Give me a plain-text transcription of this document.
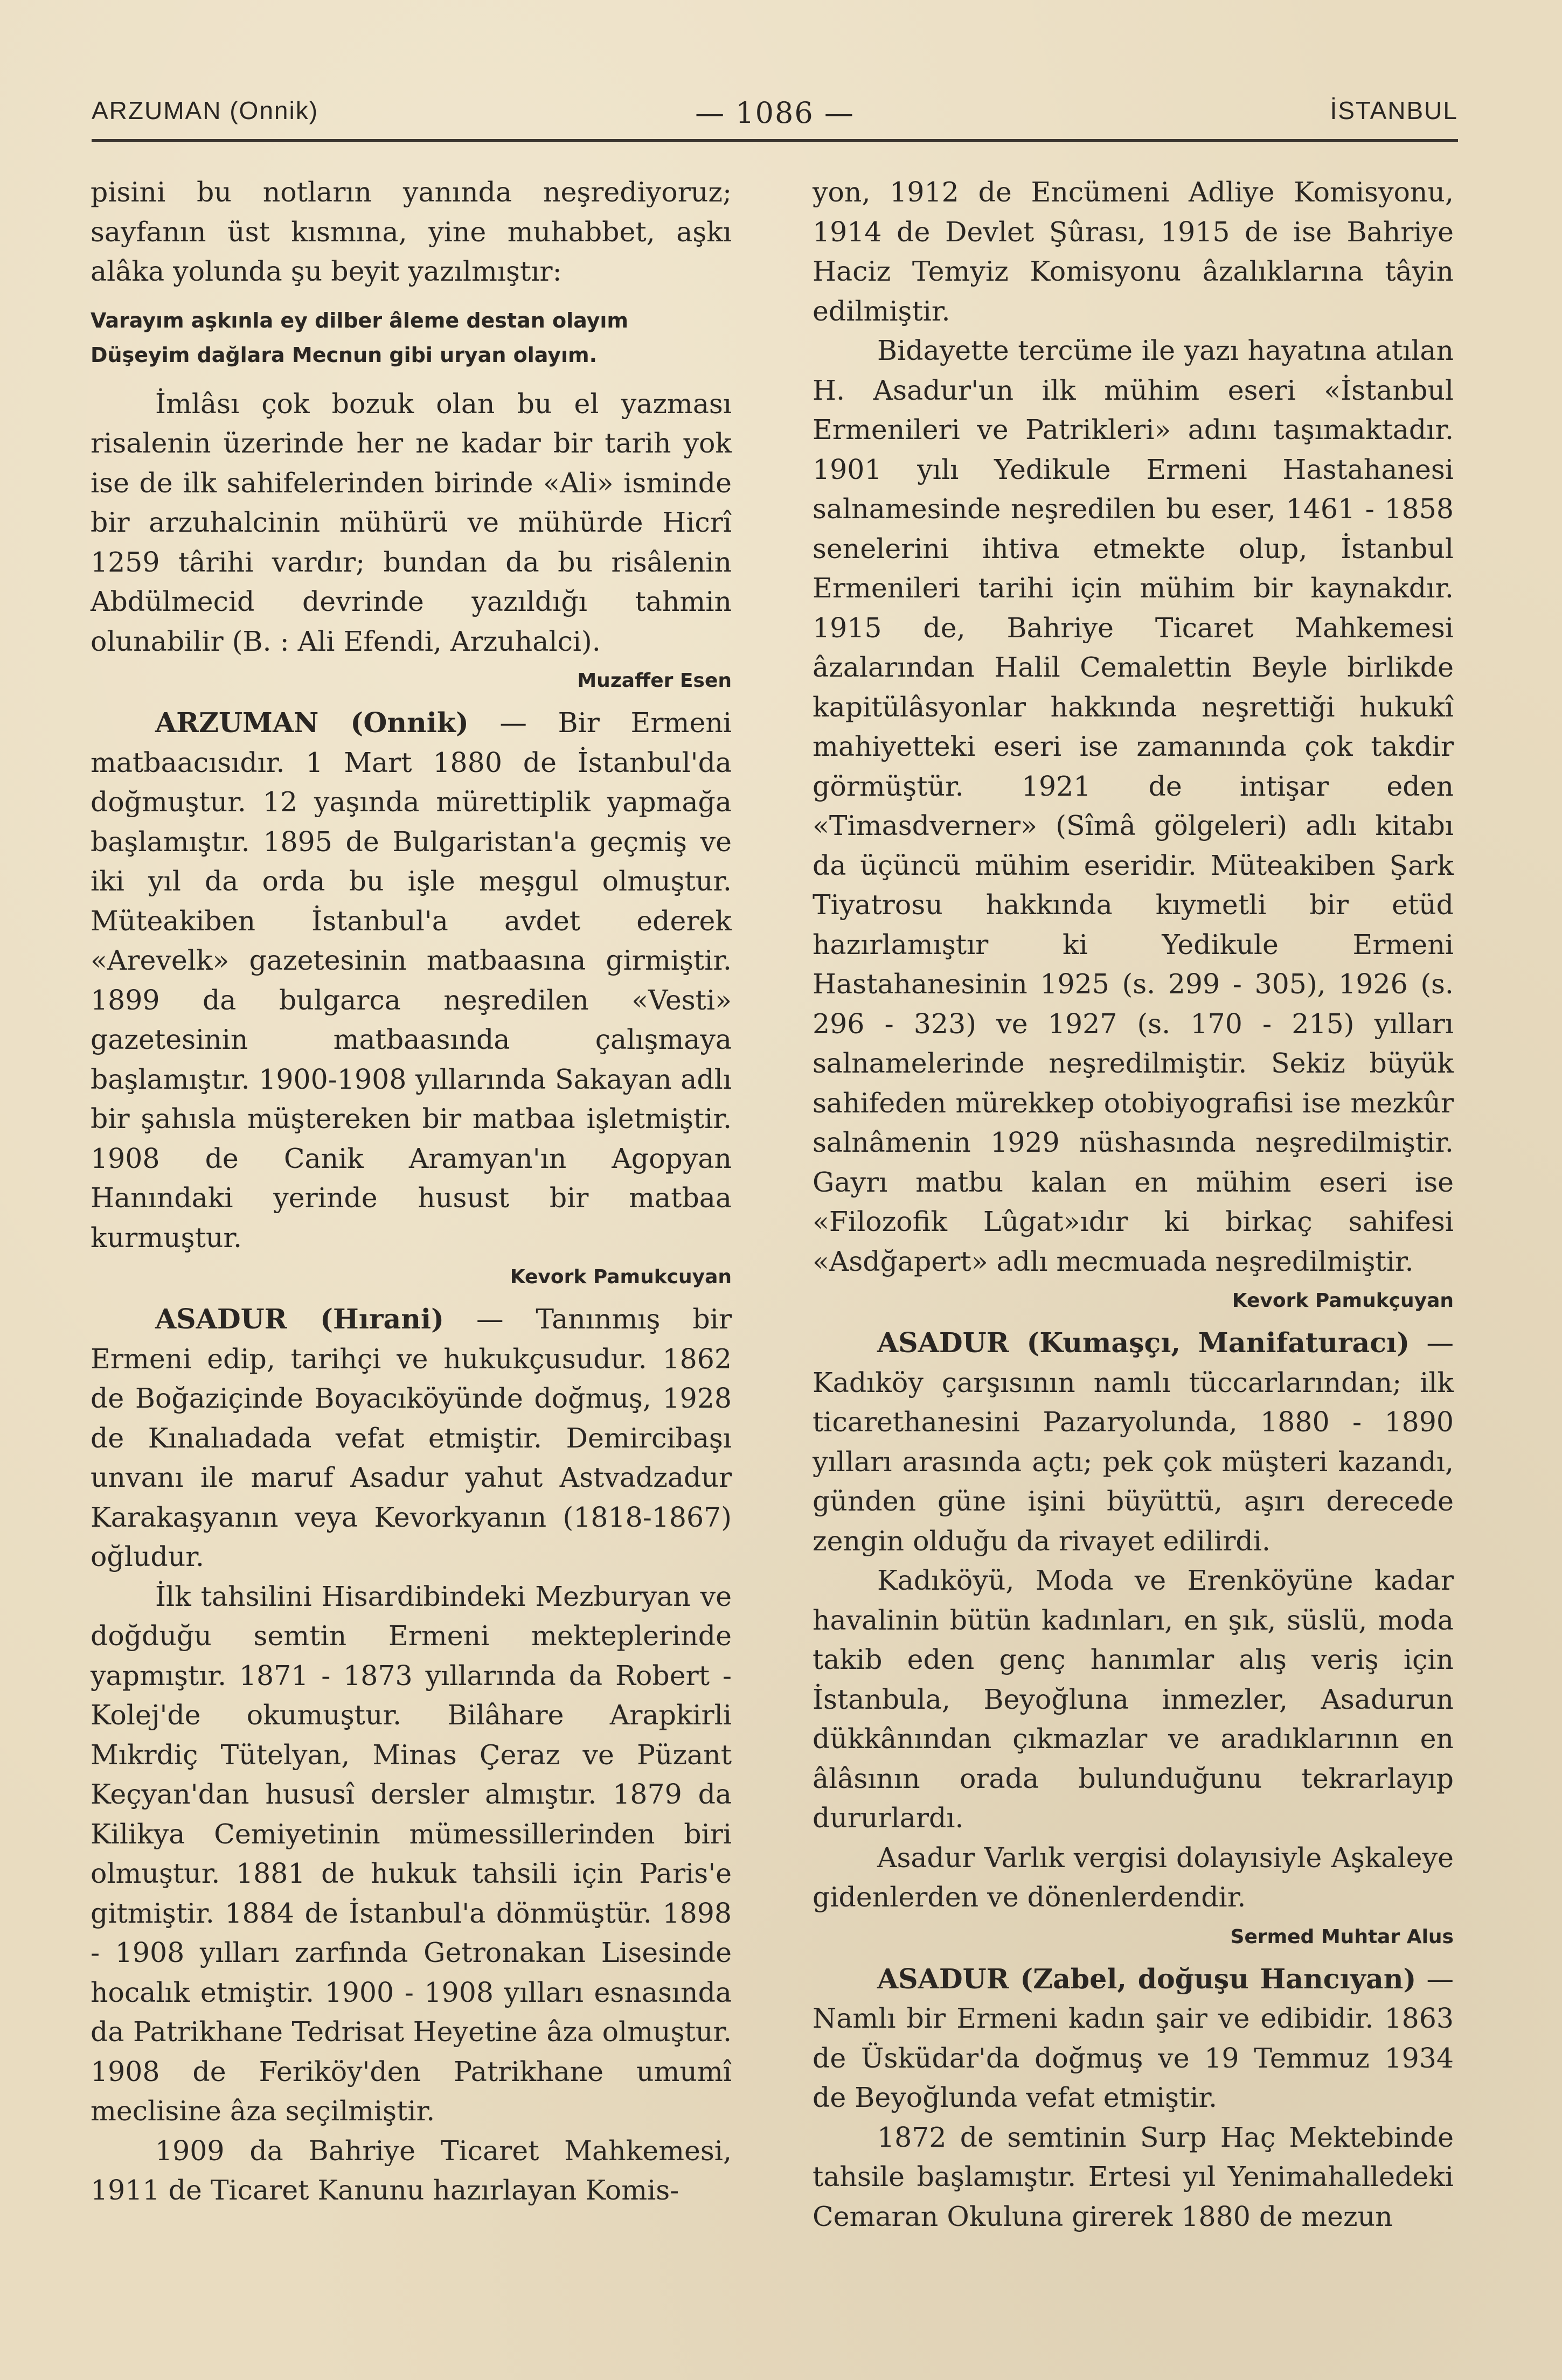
ARZUMAN (Onnik)	— 1086 —	İSTANBUL

pisini bu notların yanında neşrediyoruz; sayfanın üst kısmına, yine muhabbet, aşkı alâka yolunda şu beyit yazılmıştır:

Varayım aşkınla ey dilber âleme destan olayım
Düşeyim dağlara Mecnun gibi uryan olayım.

İmlâsı çok bozuk olan bu el yazması risalenin üzerinde her ne kadar bir tarih yok ise de ilk sahifelerinden birinde «Ali» isminde bir arzuhalcinin mühürü ve mühürde Hicrî 1259 târihi vardır; bundan da bu risâlenin Abdülmecid devrinde yazıldığı tahmin olunabilir (B. : Ali Efendi, Arzuhalci).

Muzaffer Esen

ARZUMAN (Onnik) — Bir Ermeni matbaacısıdır. 1 Mart 1880 de İstanbul'da doğmuştur. 12 yaşında mürettiplik yapmağa başlamıştır. 1895 de Bulgaristan'a geçmiş ve iki yıl da orda bu işle meşgul olmuştur. Müteakiben İstanbul'a avdet ederek «Arevelk» gazetesinin matbaasına girmiştir. 1899 da bulgarca neşredilen «Vesti» gazetesinin matbaasında çalışmaya başlamıştır. 1900-1908 yıllarında Sakayan adlı bir şahısla müştereken bir matbaa işletmiştir. 1908 de Canik Aramyan'ın Agopyan Hanındaki yerinde husust bir matbaa kurmuştur.

Kevork Pamukcuyan

ASADUR (Hırani) — Tanınmış bir Ermeni edip, tarihçi ve hukukçusudur. 1862 de Boğaziçinde Boyacıköyünde doğmuş, 1928 de Kınalıadada vefat etmiştir. Demircibaşı unvanı ile maruf Asadur yahut Astvadzadur Karakaşyanın veya Kevorkyanın (1818-1867) oğludur.

İlk tahsilini Hisardibindeki Mezburyan ve doğduğu semtin Ermeni mekteplerinde yapmıştır. 1871 - 1873 yıllarında da Robert - Kolej'de okumuştur. Bilâhare Arapkirli Mıkrdiç Tütelyan, Minas Çeraz ve Püzant Keçyan'dan hususî dersler almıştır. 1879 da Kilikya Cemiyetinin mümessillerinden biri olmuştur. 1881 de hukuk tahsili için Paris'e gitmiştir. 1884 de İstanbul'a dönmüştür. 1898 - 1908 yılları zarfında Getronakan Lisesinde hocalık etmiştir. 1900 - 1908 yılları esnasında da Patrikhane Tedrisat Heyetine âza olmuştur. 1908 de Feriköy'den Patrikhane umumî meclisine âza seçilmiştir.

1909 da Bahriye Ticaret Mahkemesi, 1911 de Ticaret Kanunu hazırlayan Komis-

yon, 1912 de Encümeni Adliye Komisyonu, 1914 de Devlet Şûrası, 1915 de ise Bahriye Haciz Temyiz Komisyonu âzalıklarına tâyin edilmiştir.

Bidayette tercüme ile yazı hayatına atılan H. Asadur'un ilk mühim eseri «İstanbul Ermenileri ve Patrikleri» adını taşımaktadır. 1901 yılı Yedikule Ermeni Hastahanesi salnamesinde neşredilen bu eser, 1461 - 1858 senelerini ihtiva etmekte olup, İstanbul Ermenileri tarihi için mühim bir kaynakdır. 1915 de, Bahriye Ticaret Mahkemesi âzalarından Halil Cemalettin Beyle birlikde kapitülâsyonlar hakkında neşrettiği hukukî mahiyetteki eseri ise zamanında çok takdir görmüştür. 1921 de intişar eden «Timasdverner» (Sîmâ gölgeleri) adlı kitabı da üçüncü mühim eseridir. Müteakiben Şark Tiyatrosu hakkında kıymetli bir etüd hazırlamıştır ki Yedikule Ermeni Hastahanesinin 1925 (s. 299 - 305), 1926 (s. 296 - 323) ve 1927 (s. 170 - 215) yılları salnamelerinde neşredilmiştir. Sekiz büyük sahifeden mürekkep otobiyografisi ise mezkûr salnâmenin 1929 nüshasında neşredilmiştir. Gayrı matbu kalan en mühim eseri ise «Filozofik Lûgat»ıdır ki birkaç sahifesi «Asdğapert» adlı mecmuada neşredilmiştir.

Kevork Pamukçuyan

ASADUR (Kumaşçı, Manifaturacı) — Kadıköy çarşısının namlı tüccarlarından; ilk ticarethanesini Pazaryolunda, 1880 - 1890 yılları arasında açtı; pek çok müşteri kazandı, günden güne işini büyüttü, aşırı derecede zengin olduğu da rivayet edilirdi.

Kadıköyü, Moda ve Erenköyüne kadar havalinin bütün kadınları, en şık, süslü, moda takib eden genç hanımlar alış veriş için İstanbula, Beyoğluna inmezler, Asadurun dükkânından çıkmazlar ve aradıklarının en âlâsının orada bulunduğunu tekrarlayıp dururlardı.

Asadur Varlık vergisi dolayısiyle Aşkaleye gidenlerden ve dönenlerdendir.

Sermed Muhtar Alus

ASADUR (Zabel, doğuşu Hancıyan) — Namlı bir Ermeni kadın şair ve edibidir. 1863 de Üsküdar'da doğmuş ve 19 Temmuz 1934 de Beyoğlunda vefat etmiştir.

1872 de semtinin Surp Haç Mektebinde tahsile başlamıştır. Ertesi yıl Yenimahalledeki Cemaran Okuluna girerek 1880 de mezun
